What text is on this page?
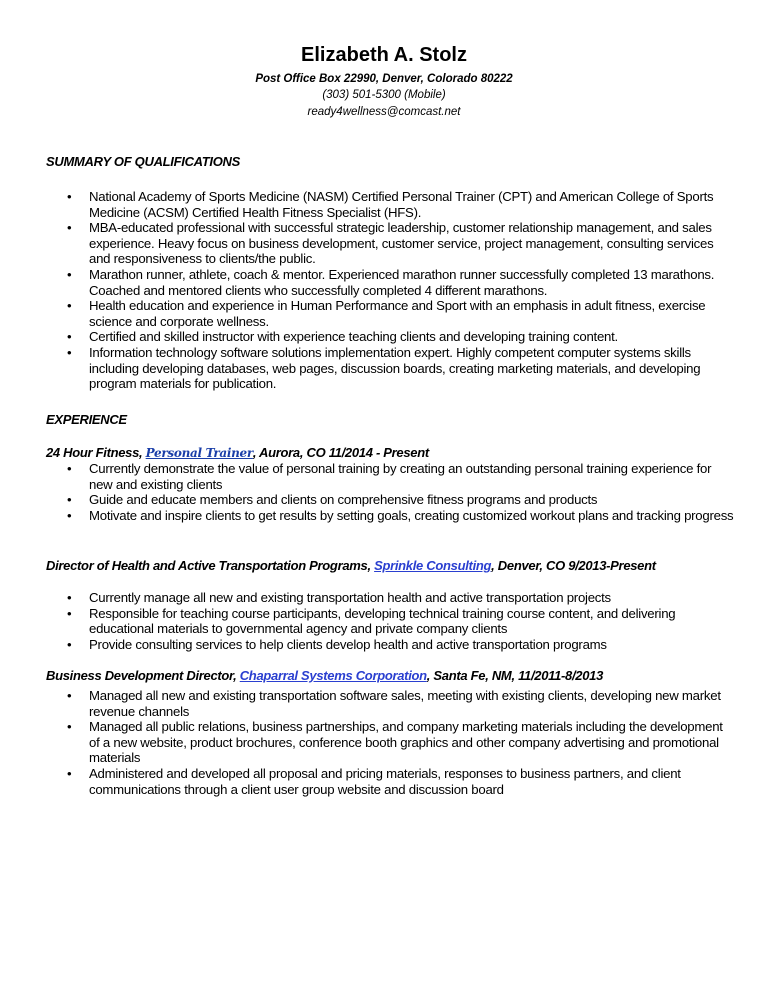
Elizabeth A. Stolz
Post Office Box 22990, Denver, Colorado 80222
(303) 501-5300 (Mobile)
ready4wellness@comcast.net
SUMMARY OF QUALIFICATIONS
• National Academy of Sports Medicine (NASM) Certified Personal Trainer (CPT) and American College of Sports Medicine (ACSM) Certified Health Fitness Specialist (HFS).
• MBA-educated professional with successful strategic leadership, customer relationship management, and sales experience. Heavy focus on business development, customer service, project management, consulting services and responsiveness to clients/the public.
• Marathon runner, athlete, coach & mentor. Experienced marathon runner successfully completed 13 marathons. Coached and mentored clients who successfully completed 4 different marathons.
• Health education and experience in Human Performance and Sport with an emphasis in adult fitness, exercise science and corporate wellness.
• Certified and skilled instructor with experience teaching clients and developing training content.
• Information technology software solutions implementation expert. Highly competent computer systems skills including developing databases, web pages, discussion boards, creating marketing materials, and developing program materials for publication.
EXPERIENCE
24 Hour Fitness, Personal Trainer, Aurora, CO 11/2014 - Present
• Currently demonstrate the value of personal training by creating an outstanding personal training experience for new and existing clients
• Guide and educate members and clients on comprehensive fitness programs and products
• Motivate and inspire clients to get results by setting goals, creating customized workout plans and tracking progress
Director of Health and Active Transportation Programs, Sprinkle Consulting, Denver, CO 9/2013-Present
• Currently manage all new and existing transportation health and active transportation projects
• Responsible for teaching course participants, developing technical training course content, and delivering educational materials to governmental agency and private company clients
• Provide consulting services to help clients develop health and active transportation programs
Business Development Director, Chaparral Systems Corporation, Santa Fe, NM, 11/2011-8/2013
• Managed all new and existing transportation software sales, meeting with existing clients, developing new market revenue channels
• Managed all public relations, business partnerships, and company marketing materials including the development of a new website, product brochures, conference booth graphics and other company advertising and promotional materials
• Administered and developed all proposal and pricing materials, responses to business partners, and client communications through a client user group website and discussion board
